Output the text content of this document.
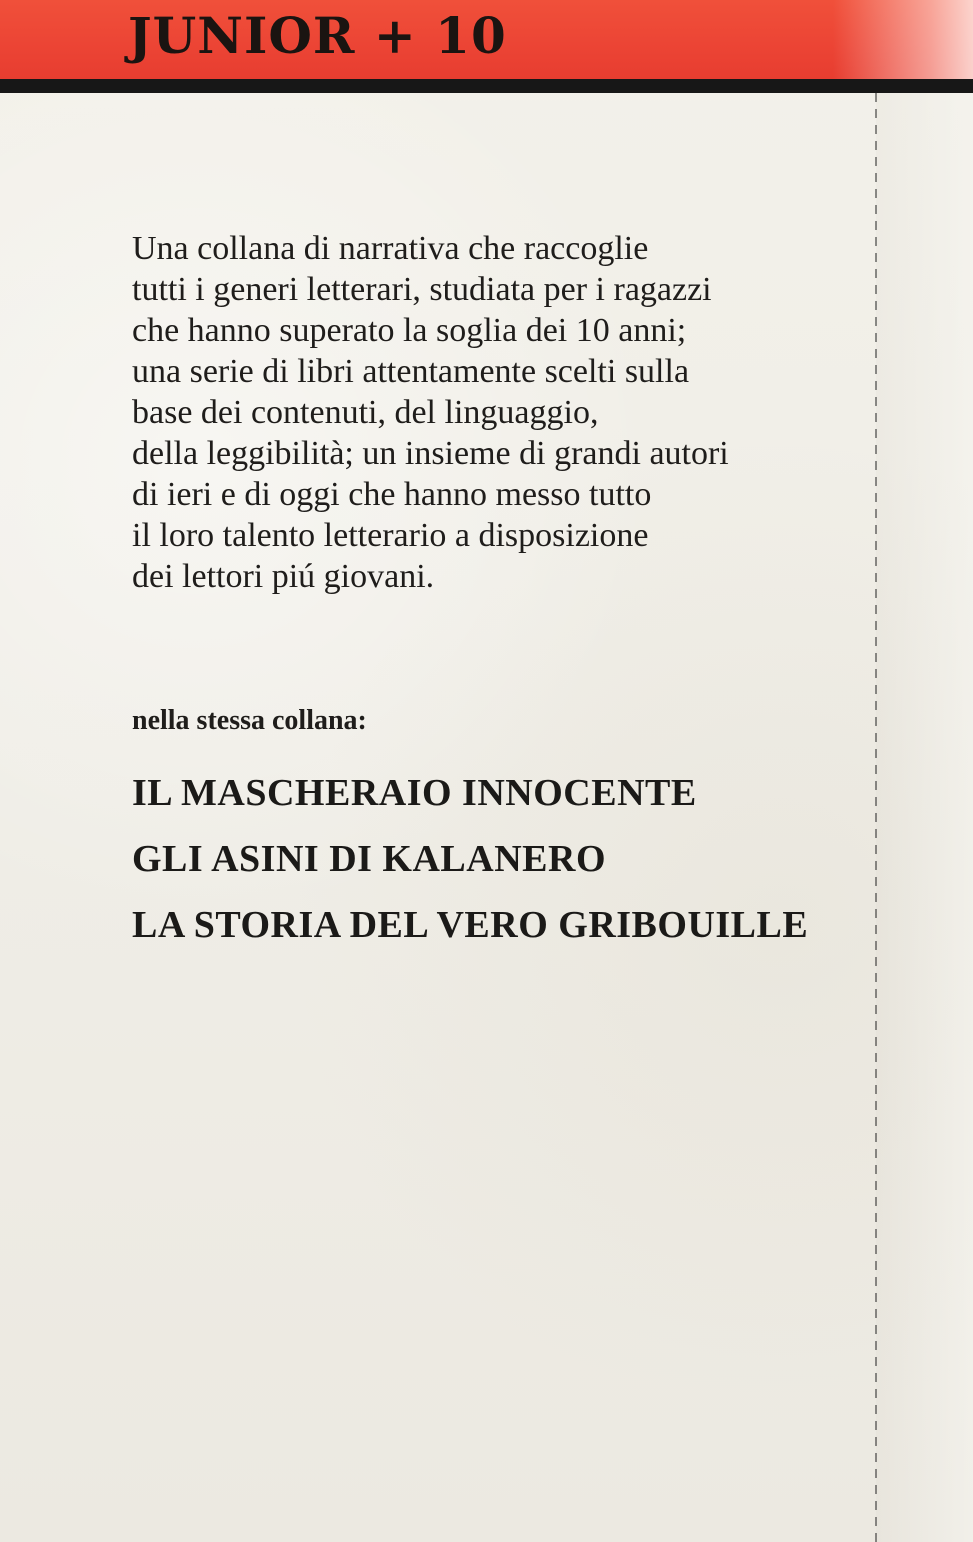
JUNIOR + 10

Una collana di narrativa che raccoglie
tutti i generi letterari, studiata per i ragazzi
che hanno superato la soglia dei 10 anni;
una serie di libri attentamente scelti sulla
base dei contenuti, del linguaggio,
della leggibilità; un insieme di grandi autori
di ieri e di oggi che hanno messo tutto
il loro talento letterario a disposizione
dei lettori piú giovani.

nella stessa collana:
IL MASCHERAIO INNOCENTE
GLI ASINI DI KALANERO
LA STORIA DEL VERO GRIBOUILLE
